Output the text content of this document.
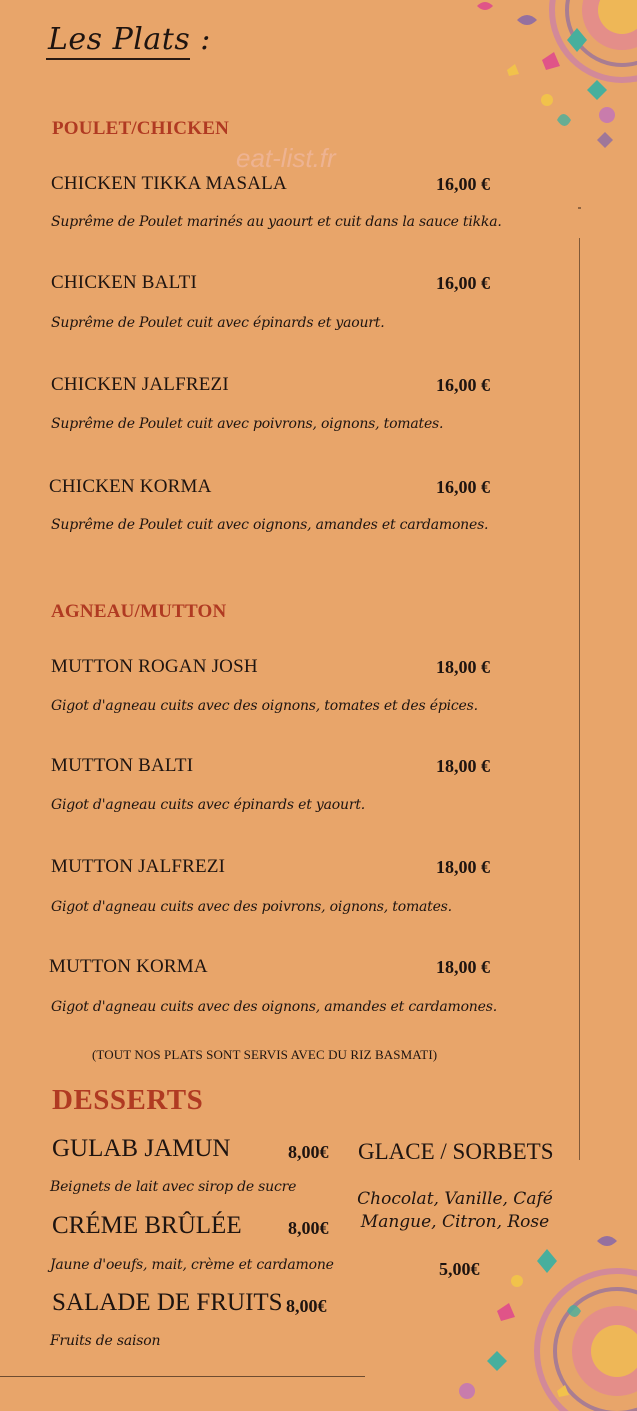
eat-list.fr
Les Plats :
POULET/CHICKEN
CHICKEN TIKKA MASALA	16,00 €
Suprême de Poulet marinés au yaourt et cuit dans la sauce tikka.
CHICKEN BALTI	16,00 €
Suprême de Poulet cuit avec épinards et yaourt.
CHICKEN JALFREZI	16,00 €
Suprême de Poulet cuit avec poivrons, oignons, tomates.
CHICKEN KORMA	16,00 €
Suprême de Poulet cuit avec oignons, amandes et cardamones.
AGNEAU/MUTTON
MUTTON ROGAN JOSH	18,00 €
Gigot d'agneau cuits avec des oignons, tomates et des épices.
MUTTON BALTI	18,00 €
Gigot d'agneau cuits avec épinards et yaourt.
MUTTON JALFREZI	18,00 €
Gigot d'agneau cuits avec des poivrons, oignons, tomates.
MUTTON KORMA	18,00 €
Gigot d'agneau cuits avec des oignons, amandes et cardamones.
(TOUT NOS PLATS SONT SERVIS AVEC DU RIZ BASMATI)
DESSERTS
GULAB JAMUN	8,00€
Beignets de lait avec sirop de sucre
CRÉME BRÛLÉE	8,00€
Jaune d'oeufs, mait, crème et cardamone
SALADE DE FRUITS 8,00€
Fruits de saison
GLACE / SORBETS
Chocolat, Vanille, Café
Mangue, Citron, Rose
5,00€
